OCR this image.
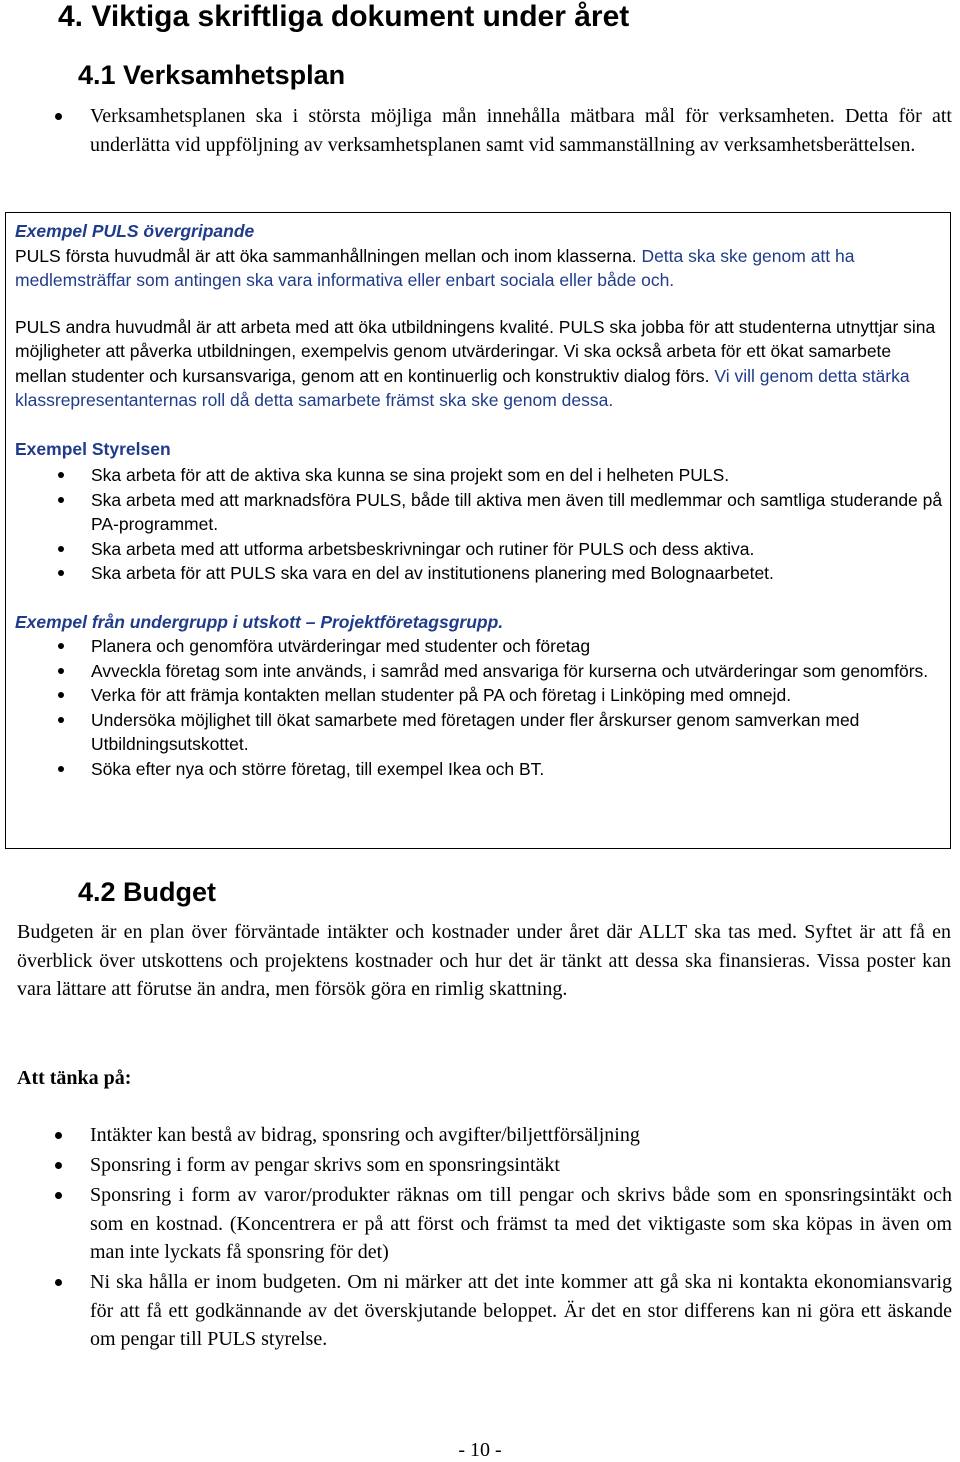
4. Viktiga skriftliga dokument under året
4.1 Verksamhetsplan
Verksamhetsplanen ska i största möjliga mån innehålla mätbara mål för verksamheten. Detta för att underlätta vid uppföljning av verksamhetsplanen samt vid sammanställning av verksamhetsberättelsen.

Exempel PULS övergripande

PULS första huvudmål är att öka sammanhållningen mellan och inom klasserna. Detta ska ske genom att ha medlemsträffar som antingen ska vara informativa eller enbart sociala eller både och.

PULS andra huvudmål är att arbeta med att öka utbildningens kvalité. PULS ska jobba för att studenterna utnyttjar sina möjligheter att påverka utbildningen, exempelvis genom utvärderingar. Vi ska också arbeta för ett ökat samarbete mellan studenter och kursansvariga, genom att en kontinuerlig och konstruktiv dialog förs. Vi vill genom detta stärka klassrepresentanternas roll då detta samarbete främst ska ske genom dessa.

Exempel Styrelsen

Ska arbeta för att de aktiva ska kunna se sina projekt som en del i helheten PULS.
Ska arbeta med att marknadsföra PULS, både till aktiva men även till medlemmar och samtliga studerande på PA-programmet.
Ska arbeta med att utforma arbetsbeskrivningar och rutiner för PULS och dess aktiva.
Ska arbeta för att PULS ska vara en del av institutionens planering med Bolognaarbetet.

Exempel från undergrupp i utskott – Projektföretagsgrupp.

Planera och genomföra utvärderingar med studenter och företag
Avveckla företag som inte används, i samråd med ansvariga för kurserna och utvärderingar som genomförs.
Verka för att främja kontakten mellan studenter på PA och företag i Linköping med omnejd.
Undersöka möjlighet till ökat samarbete med företagen under fler årskurser genom samverkan med Utbildningsutskottet.
Söka efter nya och större företag, till exempel Ikea och BT.
4.2 Budget

Budgeten är en plan över förväntade intäkter och kostnader under året där ALLT ska tas med. Syftet är att få en överblick över utskottens och projektens kostnader och hur det är tänkt att dessa ska finansieras. Vissa poster kan vara lättare att förutse än andra, men försök göra en rimlig skattning.

Att tänka på:

Intäkter kan bestå av bidrag, sponsring och avgifter/biljettförsäljning
Sponsring i form av pengar skrivs som en sponsringsintäkt
Sponsring i form av varor/produkter räknas om till pengar och skrivs både som en sponsringsintäkt och som en kostnad. (Koncentrera er på att först och främst ta med det viktigaste som ska köpas in även om man inte lyckats få sponsring för det)
Ni ska hålla er inom budgeten. Om ni märker att det inte kommer att gå ska ni kontakta ekonomiansvarig för att få ett godkännande av det överskjutande beloppet. Är det en stor differens kan ni göra ett äskande om pengar till PULS styrelse.
- 10 -
